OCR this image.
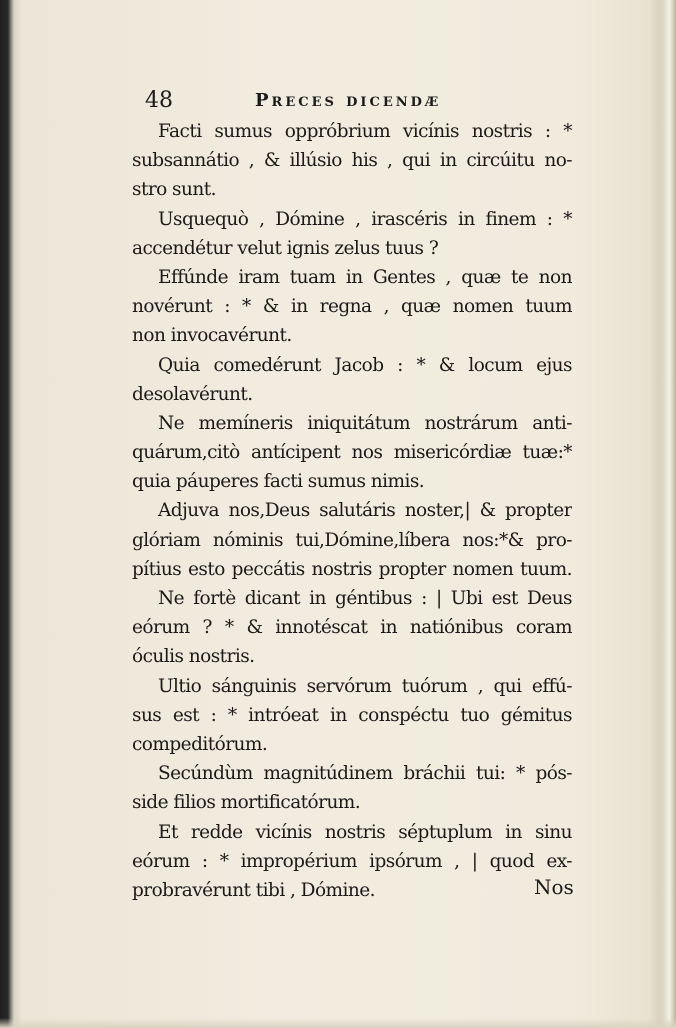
48	Preces dicendæ
Facti sumus oppróbrium vicínis nostris : *
subsannátio , & illúsio his , qui in circúitu no-
stro sunt.
Usquequò , Dómine , irascéris in finem : *
accendétur velut ignis zelus tuus ?
Effúnde iram tuam in Gentes , quæ te non
novérunt : * & in regna , quæ nomen tuum
non invocavérunt.
Quia comedérunt Jacob : * & locum ejus
desolavérunt.
Ne memíneris iniquitátum nostrárum anti-
quárum,citò antícipent nos misericórdiæ tuæ:*
quia páuperes facti sumus nimis.
Adjuva nos,Deus salutáris noster,| & propter
glóriam nóminis tui,Dómine,líbera nos:*& pro-
pítius esto peccátis nostris propter nomen tuum.
Ne fortè dicant in géntibus : | Ubi est Deus
eórum ? * & innotéscat in natiónibus coram
óculis nostris.
Ultio sánguinis servórum tuórum , qui effú-
sus est : * intróeat in conspéctu tuo gémitus
compeditórum.
Secúndùm magnitúdinem bráchii tui: * pós-
side filios mortificatórum.
Et redde vicínis nostris séptuplum in sinu
eórum : * impropérium ipsórum , | quod ex-
probravérunt tibi , Dómine.	Nos
